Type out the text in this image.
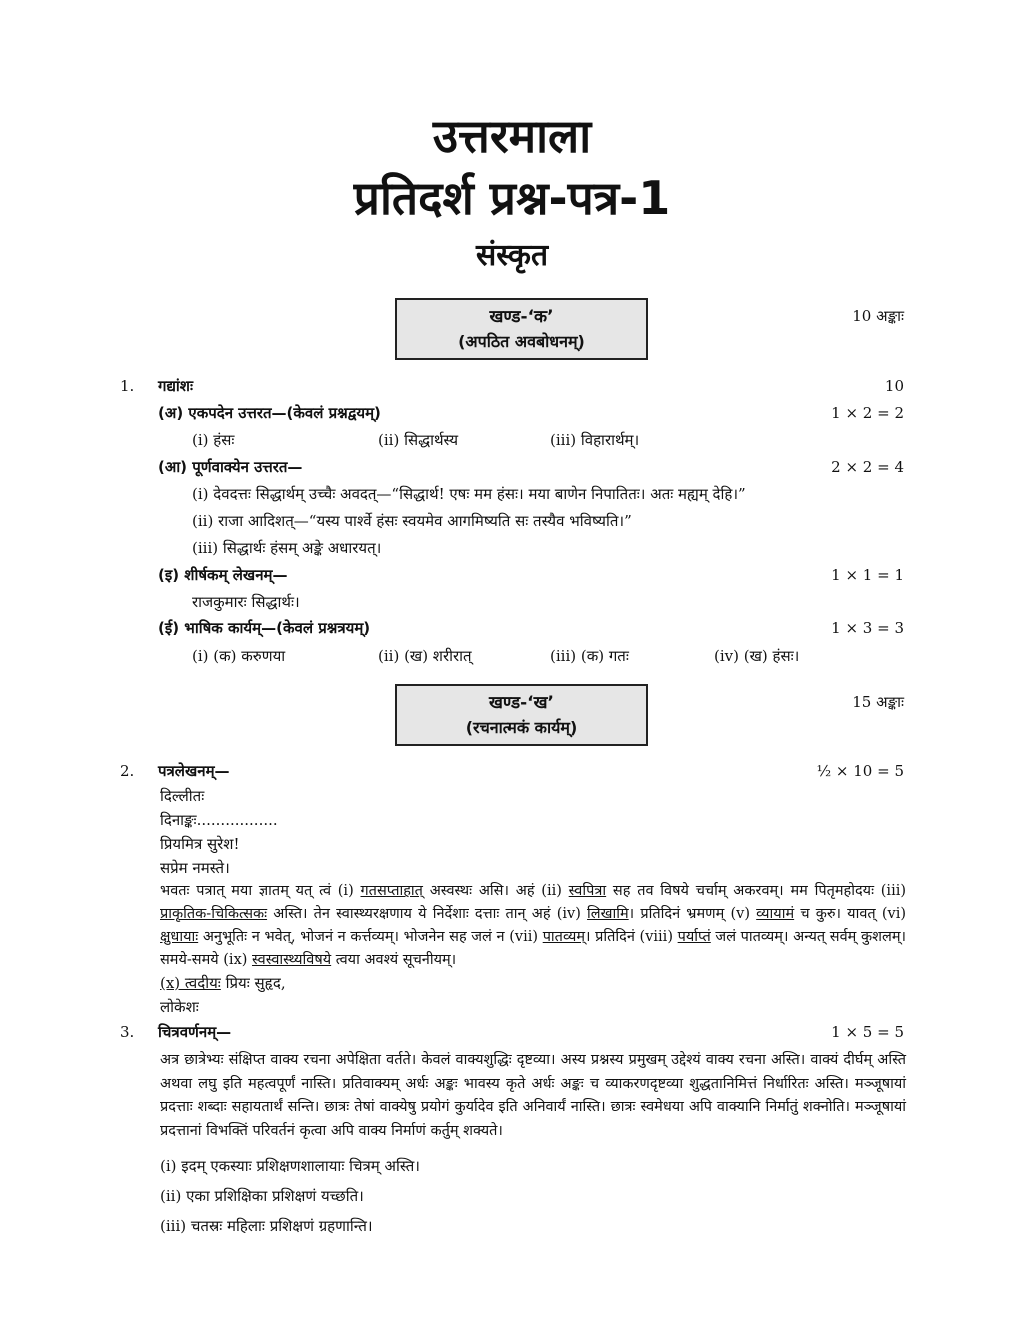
उत्तरमाला
प्रतिदर्श प्रश्न-पत्र-1
संस्कृत
खण्ड-‘क’
(अपठित अवबोधनम्)
10 अङ्काः
1. गद्यांशः	10
(अ) एकपदेन उत्तरत—(केवलं प्रश्नद्वयम्)	1 × 2 = 2
(i) हंसः	(ii) सिद्धार्थस्य	(iii) विहारार्थम्।
(आ) पूर्णवाक्येन उत्तरत—	2 × 2 = 4
(i) देवदत्तः सिद्धार्थम् उच्चैः अवदत्—“सिद्धार्थ! एषः मम हंसः। मया बाणेन निपातितः। अतः मह्यम् देहि।”
(ii) राजा आदिशत्—“यस्य पार्श्वे हंसः स्वयमेव आगमिष्यति सः तस्यैव भविष्यति।”
(iii) सिद्धार्थः हंसम् अङ्के अधारयत्।
(इ) शीर्षकम् लेखनम्—	1 × 1 = 1
राजकुमारः सिद्धार्थः।
(ई) भाषिक कार्यम्—(केवलं प्रश्नत्रयम्)	1 × 3 = 3
(i) (क) करुणया	(ii) (ख) शरीरात्	(iii) (क) गतः	(iv) (ख) हंसः।
खण्ड-‘ख’
(रचनात्मकं कार्यम्)
15 अङ्काः
2. पत्रलेखनम्—	½ × 10 = 5
दिल्लीतः
दिनाङ्कः.................
प्रियमित्र सुरेश!
सप्रेम नमस्ते।
भवतः पत्रात् मया ज्ञातम् यत् त्वं (i) गतसप्ताहात् अस्वस्थः असि। अहं (ii) स्वपित्रा सह तव विषये चर्चाम् अकरवम्। मम पितृमहोदयः (iii) प्राकृतिक-चिकित्सकः अस्ति। तेन स्वास्थ्यरक्षणाय ये निर्देशाः दत्ताः तान् अहं (iv) लिखामि। प्रतिदिनं भ्रमणम् (v) व्यायामं च कुरु। यावत् (vi) क्षुधायाः अनुभूतिः न भवेत्, भोजनं न कर्त्तव्यम्। भोजनेन सह जलं न (vii) पातव्यम्। प्रतिदिनं (viii) पर्याप्तं जलं पातव्यम्। अन्यत् सर्वम् कुशलम्। समये-समये (ix) स्वस्वास्थ्यविषये त्वया अवश्यं सूचनीयम्।
(x) त्वदीयः प्रियः सुहृद,
लोकेशः
3. चित्रवर्णनम्—	1 × 5 = 5
अत्र छात्रेभ्यः संक्षिप्त वाक्य रचना अपेक्षिता वर्तते। केवलं वाक्यशुद्धिः दृष्टव्या। अस्य प्रश्नस्य प्रमुखम् उद्देश्यं वाक्य रचना अस्ति। वाक्यं दीर्घम् अस्ति अथवा लघु इति महत्वपूर्णं नास्ति। प्रतिवाक्यम् अर्धः अङ्कः भावस्य कृते अर्धः अङ्कः च व्याकरणदृष्टव्या शुद्धतानिमित्तं निर्धारितः अस्ति। मञ्जूषायां प्रदत्ताः शब्दाः सहायतार्थं सन्ति। छात्रः तेषां वाक्येषु प्रयोगं कुर्यादेव इति अनिवार्यं नास्ति। छात्रः स्वमेधया अपि वाक्यानि निर्मातुं शक्नोति। मञ्जूषायां प्रदत्तानां विभक्तिं परिवर्तनं कृत्वा अपि वाक्य निर्माणं कर्तुम् शक्यते।
(i) इदम् एकस्याः प्रशिक्षणशालायाः चित्रम् अस्ति।
(ii) एका प्रशिक्षिका प्रशिक्षणं यच्छति।
(iii) चतस्रः महिलाः प्रशिक्षणं ग्रहणान्ति।
